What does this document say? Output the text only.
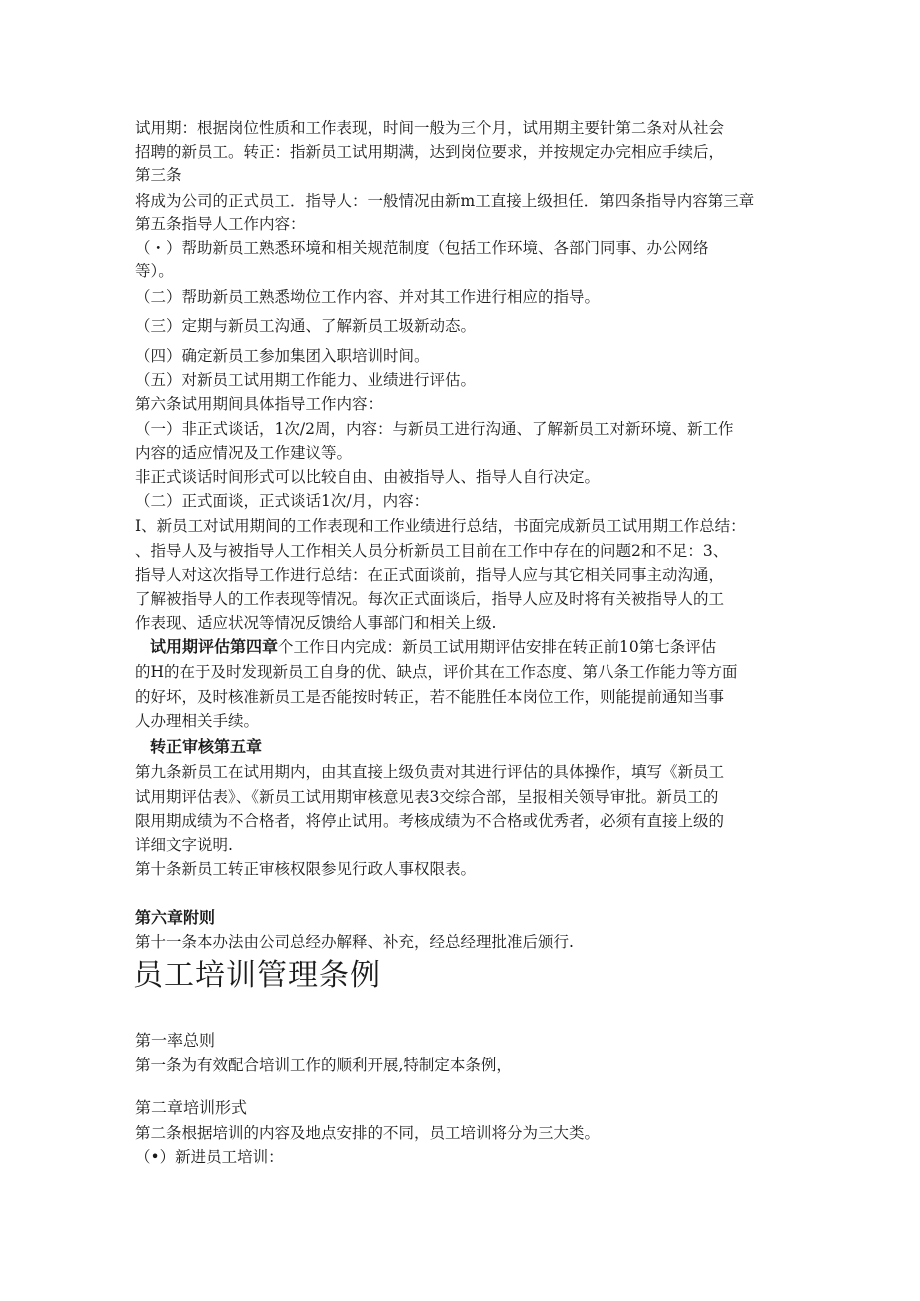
试用期：根据岗位性质和工作表现，时间一般为三个月，试用期主要针第二条对从社会
招聘的新员工。转正：指新员工试用期满，达到岗位要求，并按规定办完相应手续后，
第三条
将成为公司的正式员工．指导人：一般情况由新m工直接上级担任．第四条指导内容第三章
第五条指导人工作内容：
（・）帮助新员工熟悉环境和相关规范制度（包括工作环境、各部门同事、办公网络
等）。
（二）帮助新员工熟悉坳位工作内容、并对其工作进行相应的指导。
（三）定期与新员工沟通、了解新员工圾新动态。
（四）确定新员工参加集团入职培训时间。
（五）对新员工试用期工作能力、业绩进行评估。
第六条试用期间具体指导工作内容：
（一）非正式谈话，1次/2周，内容：与新员工进行沟通、了解新员工对新环境、新工作
内容的适应情况及工作建议等。
非正式谈话时间形式可以比较自由、由被指导人、指导人自行决定。
（二）正式面谈，正式谈话1次/月，内容：
I、新员工对试用期间的工作表现和工作业绩进行总结，书面完成新员工试用期工作总结：
、指导人及与被指导人工作相关人员分析新员工目前在工作中存在的问题2和不足：3、
指导人对这次指导工作进行总结：在正式面谈前，指导人应与其它相关同事主动沟通，
了解被指导人的工作表现等情况。每次正式面谈后，指导人应及时将有关被指导人的工
作表现、适应状况等情况反馈给人事部门和相关上级.
试用期评估第四章个工作日内完成：新员工试用期评估安排在转正前10第七条评估
的H的在于及时发现新员工自身的优、缺点，评价其在工作态度、第八条工作能力等方面
的好坏，及时核准新员工是否能按时转正，若不能胜任本岗位工作，则能提前通知当事
人办理相关手续。
转正审核第五章
第九条新员工在试用期内，由其直接上级负责对其进行评估的具体操作，填写《新员工
试用期评估表》、《新员工试用期审核意见表3交综合部，呈报相关领导审批。新员工的
限用期成绩为不合格者，将停止试用。考核成绩为不合格或优秀者，必须有直接上级的
详细文字说明.
第十条新员工转正审核权限参见行政人事权限表。
第六章附则
第十一条本办法由公司总经办解释、补充，经总经理批准后颁行.
员工培训管理条例
第一率总则
第一条为有效配合培训工作的顺利开展,特制定本条例，
第二章培训形式
第二条根据培训的内容及地点安排的不同，员工培训将分为三大类。
（•）新进员工培训：
